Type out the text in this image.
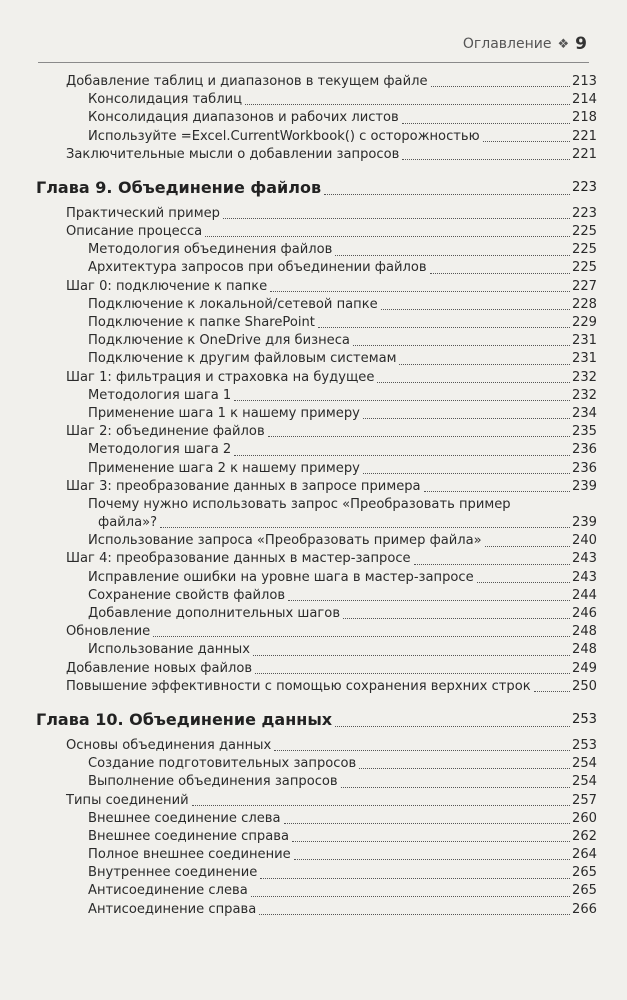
Оглавление ❖ 9
Добавление таблиц и диапазонов в текущем файле	213
Консолидация таблиц	214
Консолидация диапазонов и рабочих листов	218
Используйте =Excel.CurrentWorkbook() с осторожностью	221
Заключительные мысли о добавлении запросов	221
Глава 9. Объединение файлов	223
Практический пример	223
Описание процесса	225
Методология объединения файлов	225
Архитектура запросов при объединении файлов	225
Шаг 0: подключение к папке	227
Подключение к локальной/сетевой папке	228
Подключение к папке SharePoint	229
Подключение к OneDrive для бизнеса	231
Подключение к другим файловым системам	231
Шаг 1: фильтрация и страховка на будущее	232
Методология шага 1	232
Применение шага 1 к нашему примеру	234
Шаг 2: объединение файлов	235
Методология шага 2	236
Применение шага 2 к нашему примеру	236
Шаг 3: преобразование данных в запросе примера	239
Почему нужно использовать запрос «Преобразовать пример
файла»?	239
Использование запроса «Преобразовать пример файла»	240
Шаг 4: преобразование данных в мастер-запросе	243
Исправление ошибки на уровне шага в мастер-запросе	243
Сохранение свойств файлов	244
Добавление дополнительных шагов	246
Обновление	248
Использование данных	248
Добавление новых файлов	249
Повышение эффективности с помощью сохранения верхних строк	250
Глава 10. Объединение данных	253
Основы объединения данных	253
Создание подготовительных запросов	254
Выполнение объединения запросов	254
Типы соединений	257
Внешнее соединение слева	260
Внешнее соединение справа	262
Полное внешнее соединение	264
Внутреннее соединение	265
Антисоединение слева	265
Антисоединение справа	266
